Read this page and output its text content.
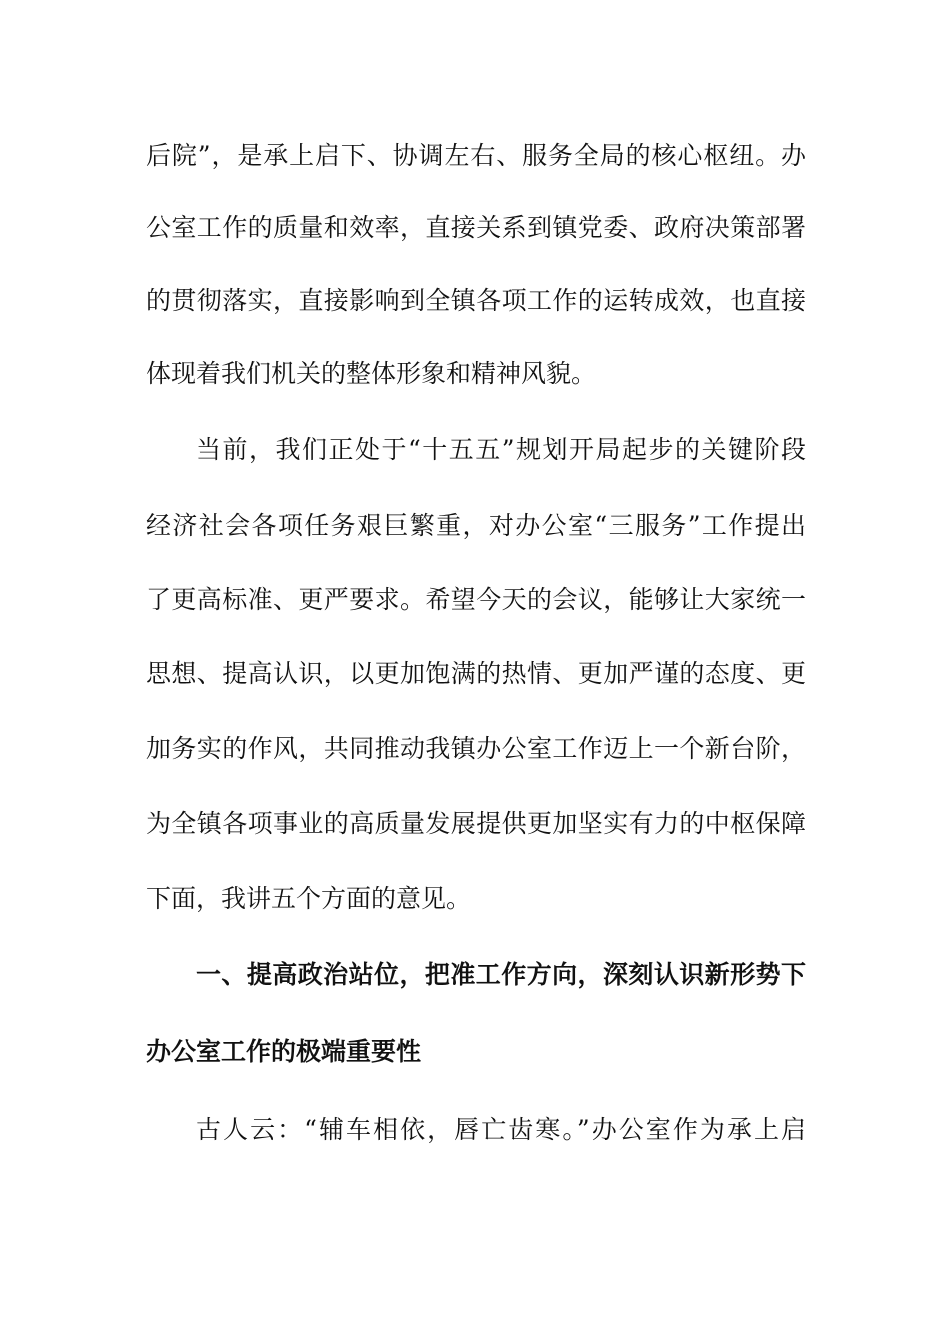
后院”，是承上启下、协调左右、服务全局的核心枢纽。办
公室工作的质量和效率，直接关系到镇党委、政府决策部署
的贯彻落实，直接影响到全镇各项工作的运转成效，也直接
体现着我们机关的整体形象和精神风貌。
当前，我们正处于“十五五”规划开局起步的关键阶段
经济社会各项任务艰巨繁重，对办公室“三服务”工作提出
了更高标准、更严要求。希望今天的会议，能够让大家统一
思想、提高认识，以更加饱满的热情、更加严谨的态度、更
加务实的作风，共同推动我镇办公室工作迈上一个新台阶，
为全镇各项事业的高质量发展提供更加坚实有力的中枢保障
下面，我讲五个方面的意见。
一、提高政治站位，把准工作方向，深刻认识新形势下
办公室工作的极端重要性
古人云：“辅车相依，唇亡齿寒。”办公室作为承上启
